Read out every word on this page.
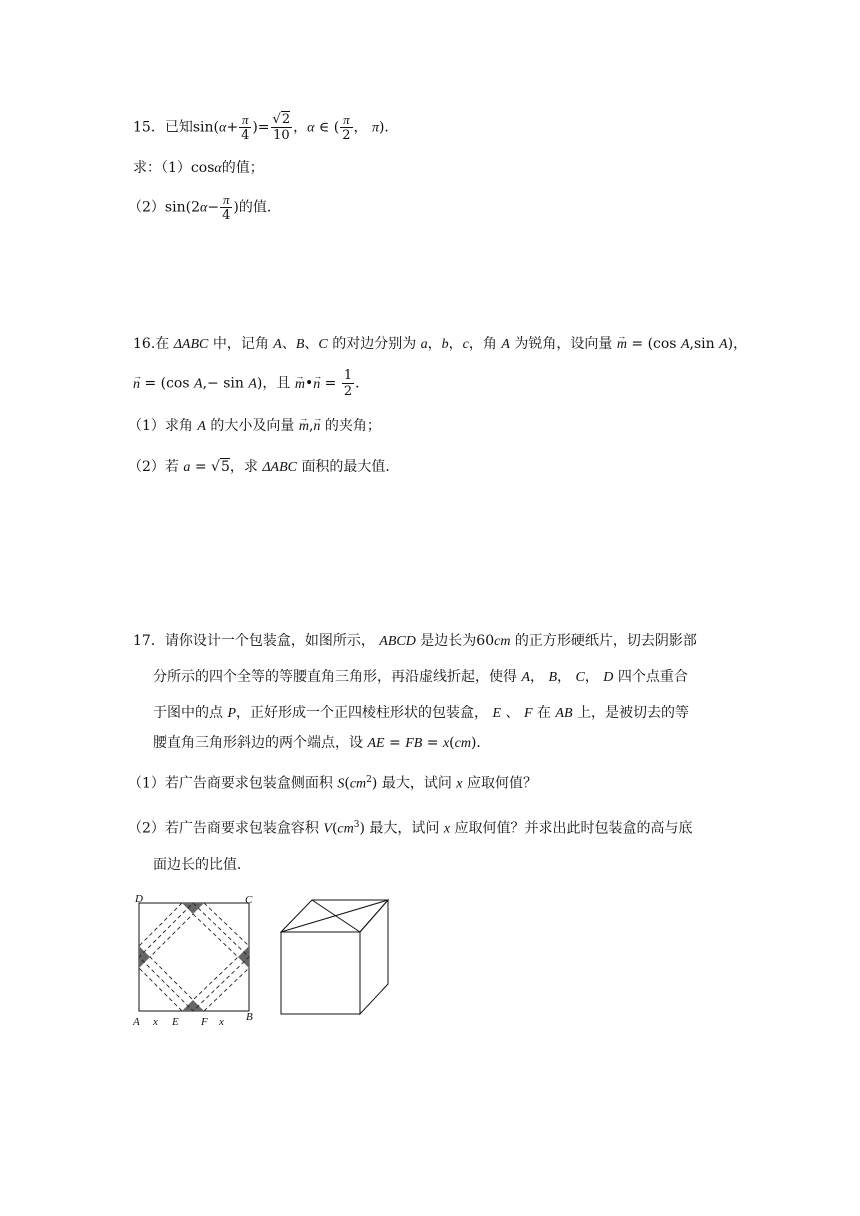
15．已知$\sin(\alpha+ \frac{\pi}{4}$ )= $\frac{√2}{10}$ ，α ∈ ( $\frac{\pi}{2}$ ， π)．
求：（1）cosα的值；
$(2)\sin(2\alpha- \frac{\pi}{4}$ )的值．
16.在 ΔABC 中，记角 A、B、C 的对边分别为 a，b，c，角 A 为锐角，设向量 → m = (cos A,sin A)，
→ n = (cos A,− sin A)，且 → m•→ $n = \frac{1}{2}$ ．
（1）求角 A 的大小及向量 → m,→ n 的夹角；
（2）若 a = √5，求 ΔABC 面积的最大值．
17．请你设计一个包装盒，如图所示， ABCD 是边长为60cm 的正方形硬纸片，切去阴影部
分所示的四个全等的等腰直角三角形，再沿虚线折起，使得 A， B， C， D 四个点重合
于图中的点 P，正好形成一个正四棱柱形状的包装盒， E 、 F 在 AB 上，是被切去的等
腰直角三角形斜边的两个端点，设 AE = FB = x(cm)．
（1）若广告商要求包装盒侧面积 $S(cm^2)$ 最大，试问 x 应取何值？
（2）若广告商要求包装盒容积 $V(cm^3)$ 最大，试问 x 应取何值？并求出此时包装盒的高与底
面边长的比值．
D	C
A	B
x E F x
